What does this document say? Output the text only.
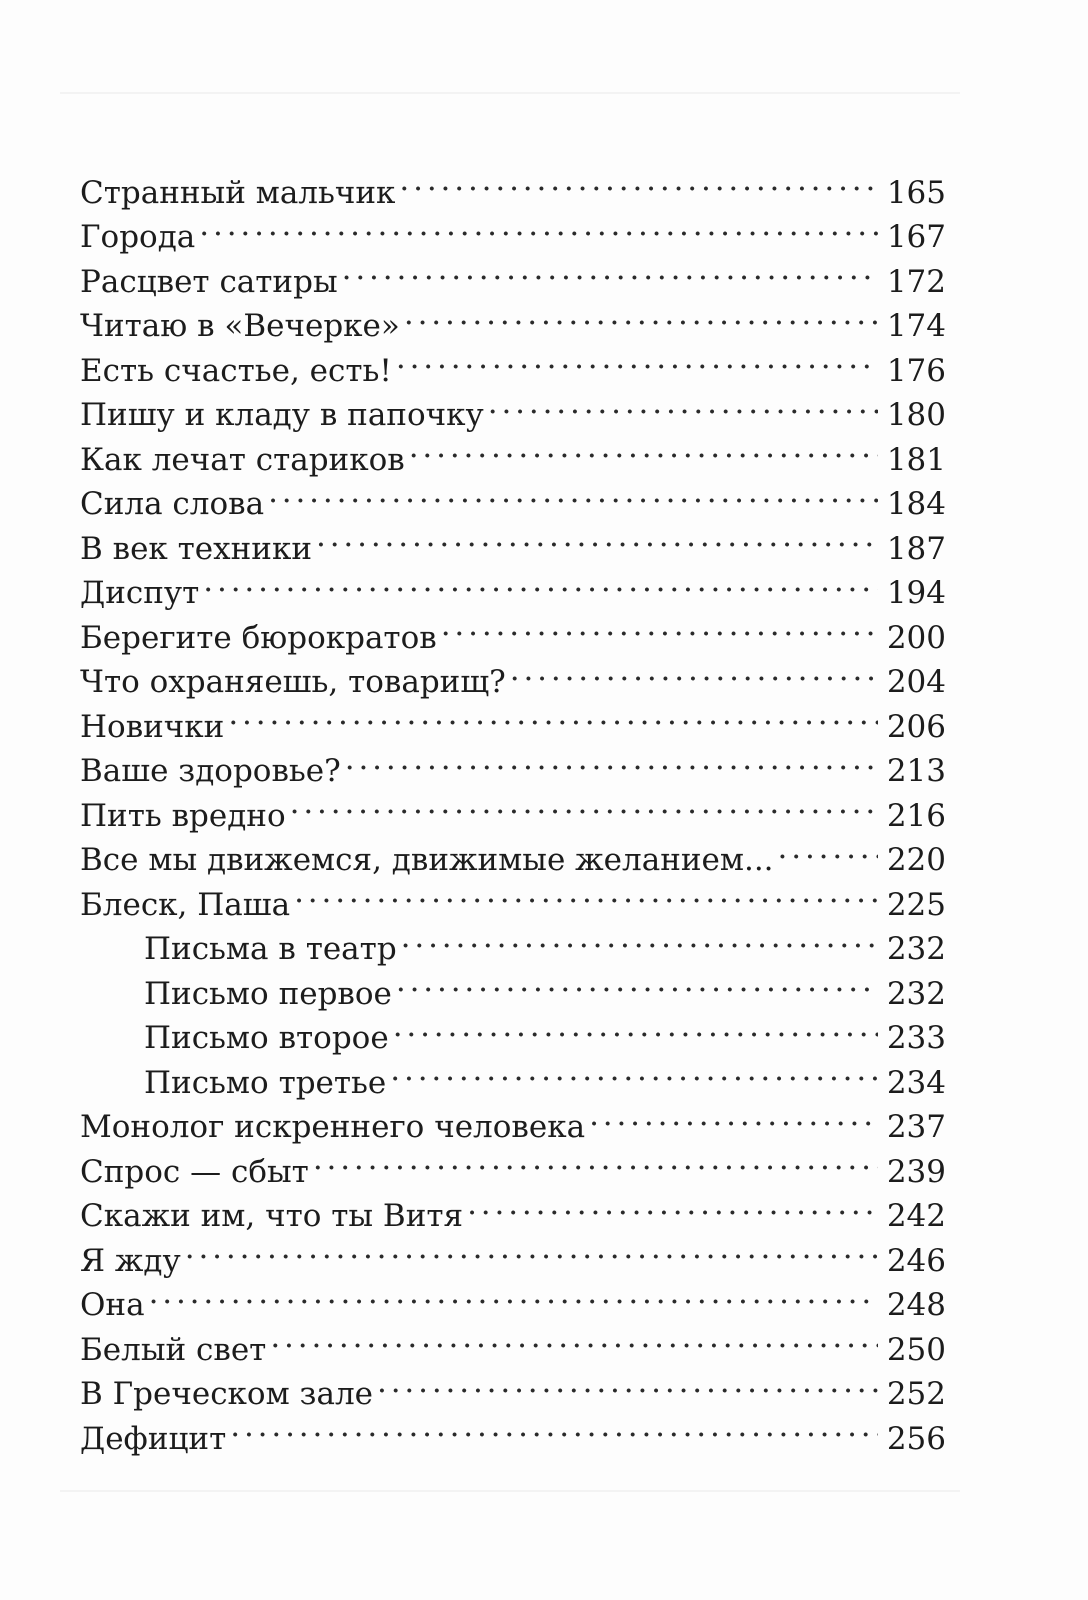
Странный мальчик . . .	165
Города . . .	167
Расцвет сатиры . . .	172
Читаю в «Вечерке» . . .	174
Есть счастье, есть! . . .	176
Пишу и кладу в папочку . . .	180
Как лечат стариков . . .	181
Сила слова . . .	184
В век техники . . .	187
Диспут . . .	194
Берегите бюрократов . . .	200
Что охраняешь, товарищ? . . .	204
Новички . . .	206
Ваше здоровье? . . .	213
Пить вредно . . .	216
Все мы движемся, движимые желанием... . . .	220
Блеск, Паша . . .	225
Письма в театр . . .	232
Письмо первое . . .	232
Письмо второе . . .	233
Письмо третье . . .	234
Монолог искреннего человека . . .	237
Спрос — сбыт . . .	239
Скажи им, что ты Витя . . .	242
Я жду . . .	246
Она . . .	248
Белый свет . . .	250
В Греческом зале . . .	252
Дефицит . . .	256
